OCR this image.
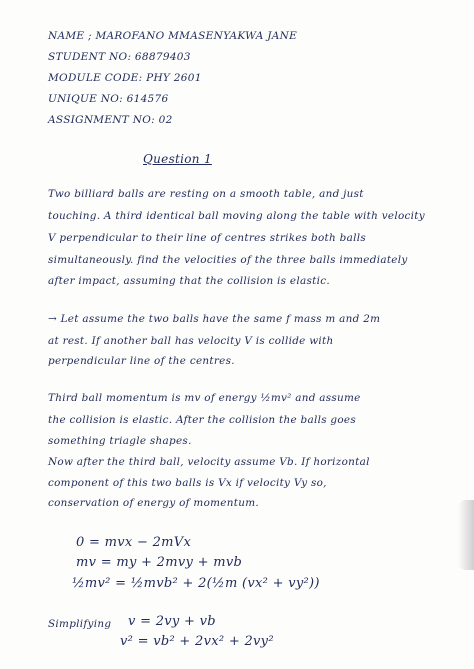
NAME ; MAROFANO MMASENYAKWA JANE
STUDENT NO: 68879403
MODULE CODE: PHY 2601
UNIQUE NO: 614576
ASSIGNMENT NO: 02
Question 1
Two billiard balls are resting on a smooth table, and just
touching. A third identical ball moving along the table with velocity
V perpendicular to their line of centres strikes both balls
simultaneously. find the velocities of the three balls immediately
after impact, assuming that the collision is elastic.
→ Let assume the two balls have the same f mass m and 2m
at rest. If another ball has velocity V is collide with
perpendicular line of the centres.
Third ball momentum is mv of energy ½mv² and assume
the collision is elastic. After the collision the balls goes
something triagle shapes.
Now after the third ball, velocity assume Vb. If horizontal
component of this two balls is Vx if velocity Vy so,
conservation of energy of momentum.
0 = mvx − 2mVx
mv = my + 2mvy + mvb
½mv² = ½mvb² + 2(½m (vx² + vy²))
Simplifying v = 2vy + vb
v² = vb² + 2vx² + 2vy²
